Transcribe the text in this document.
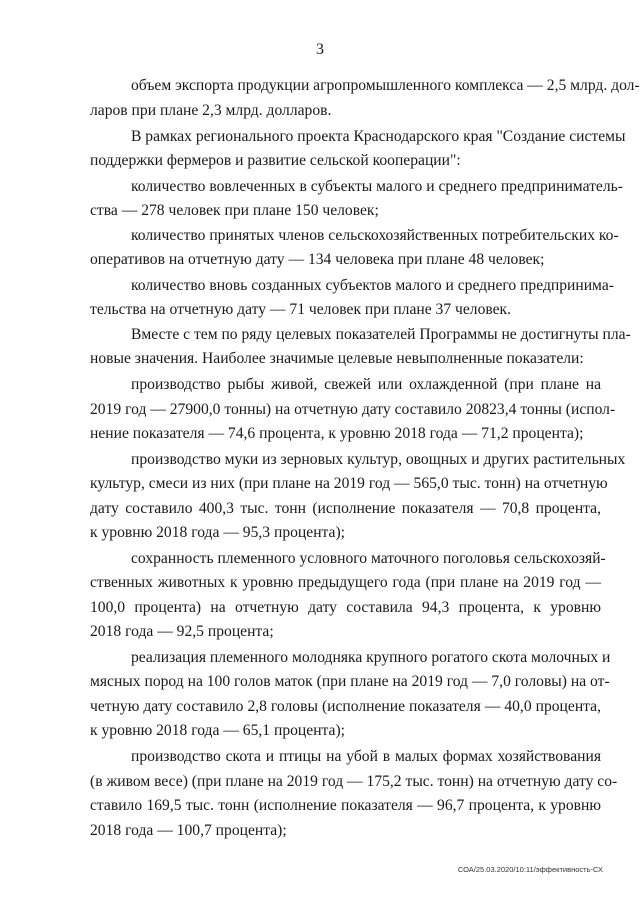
3

объем экспорта продукции агропромышленного комплекса — 2,5 млрд. дол-

ларов при плане 2,3 млрд. долларов.

В рамках регионального проекта Краснодарского края "Создание системы

поддержки фермеров и развитие сельской кооперации":

количество вовлеченных в субъекты малого и среднего предприниматель-

ства — 278 человек при плане 150 человек;

количество принятых членов сельскохозяйственных потребительских ко-

оперативов на отчетную дату — 134 человека при плане 48 человек;

количество вновь созданных субъектов малого и среднего предпринима-

тельства на отчетную дату — 71 человек при плане 37 человек.

Вместе с тем по ряду целевых показателей Программы не достигнуты пла-

новые значения. Наиболее значимые целевые невыполненные показатели:

производство рыбы живой, свежей или охлажденной (при плане на

2019 год — 27900,0 тонны) на отчетную дату составило 20823,4 тонны (испол-

нение показателя — 74,6 процента, к уровню 2018 года — 71,2 процента);

производство муки из зерновых культур, овощных и других растительных

культур, смеси из них (при плане на 2019 год — 565,0 тыс. тонн) на отчетную

дату составило 400,3 тыс. тонн (исполнение показателя — 70,8 процента,

к уровню 2018 года — 95,3 процента);

сохранность племенного условного маточного поголовья сельскохозяй-

ственных животных к уровню предыдущего года (при плане на 2019 год —

100,0 процента) на отчетную дату составила 94,3 процента, к уровню

2018 года — 92,5 процента;

реализация племенного молодняка крупного рогатого скота молочных и

мясных пород на 100 голов маток (при плане на 2019 год — 7,0 головы) на от-

четную дату составило 2,8 головы (исполнение показателя — 40,0 процента,

к уровню 2018 года — 65,1 процента);

производство скота и птицы на убой в малых формах хозяйствования

(в живом весе) (при плане на 2019 год — 175,2 тыс. тонн) на отчетную дату со-

ставило 169,5 тыс. тонн (исполнение показателя — 96,7 процента, к уровню

2018 года — 100,7 процента);

СОА/25.03.2020/10:11/эффективность-СХ
